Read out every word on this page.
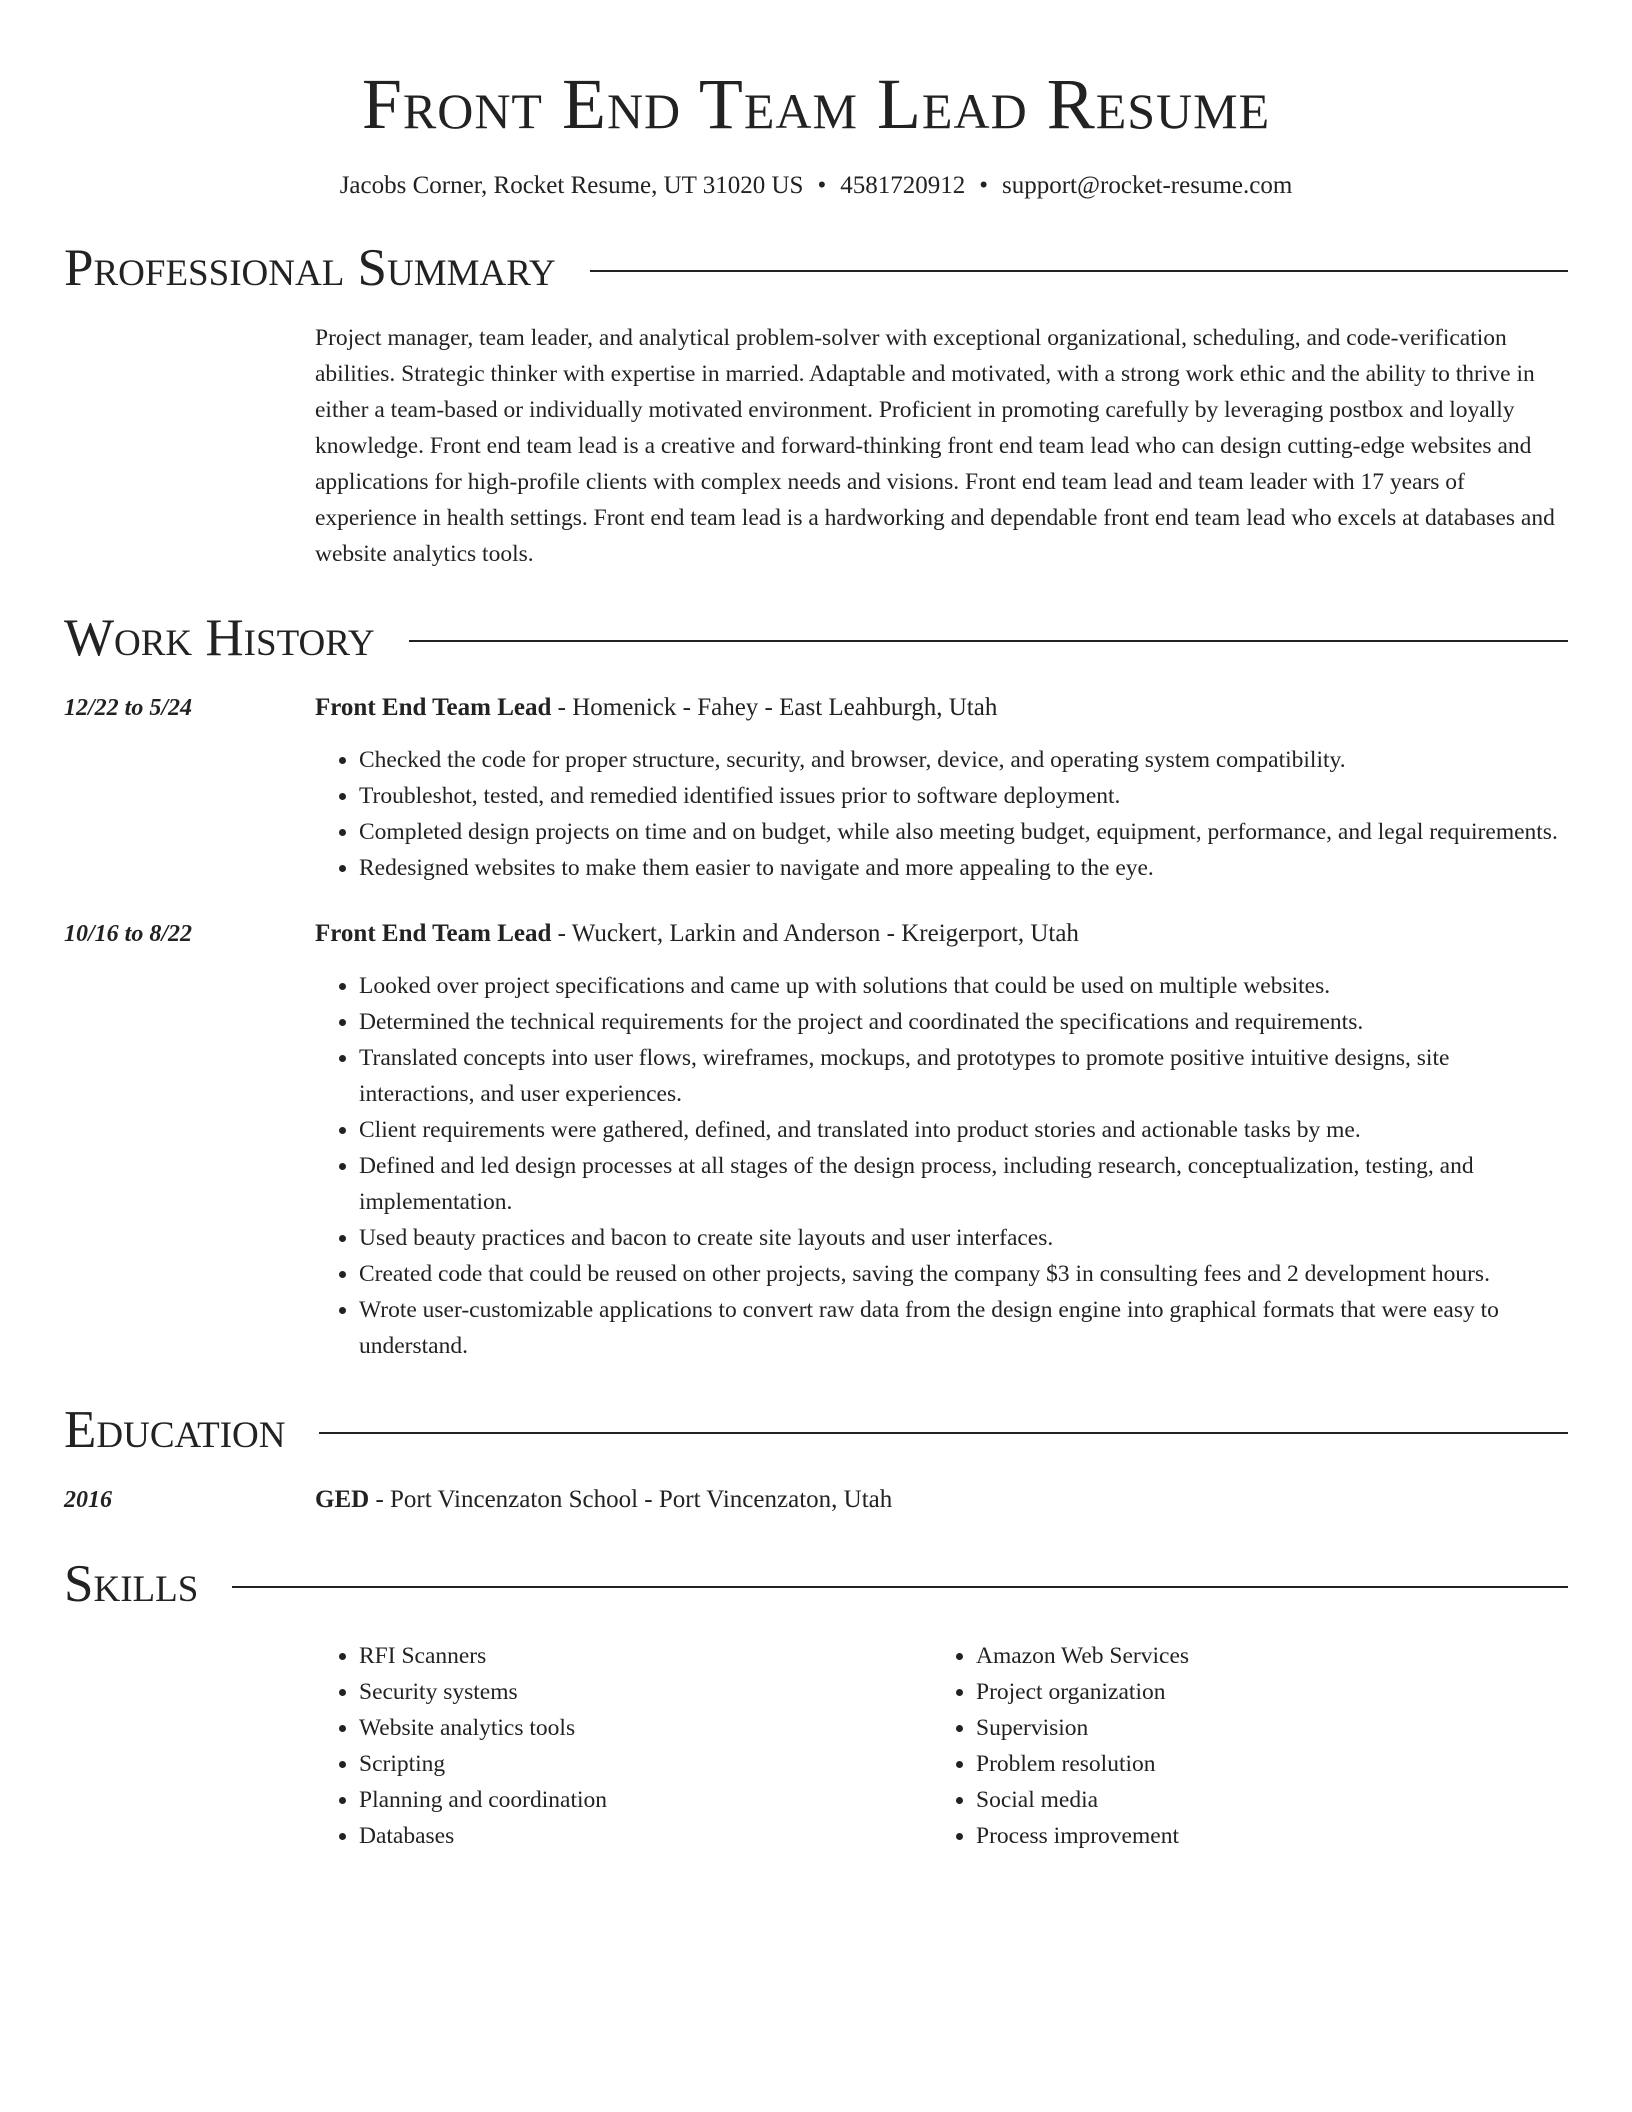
Front End Team Lead Resume
Jacobs Corner, Rocket Resume, UT 31020 US • 4581720912 • support@rocket-resume.com
Professional Summary

Project manager, team leader, and analytical problem-solver with exceptional organizational, scheduling, and code-verification abilities. Strategic thinker with expertise in married. Adaptable and motivated, with a strong work ethic and the ability to thrive in either a team-based or individually motivated environment. Proficient in promoting carefully by leveraging postbox and loyally knowledge. Front end team lead is a creative and forward-thinking front end team lead who can design cutting-edge websites and applications for high-profile clients with complex needs and visions. Front end team lead and team leader with 17 years of experience in health settings. Front end team lead is a hardworking and dependable front end team lead who excels at databases and website analytics tools.

Work History
12/22 to 5/24	Front End Team Lead - Homenick - Fahey - East Leahburgh, Utah
• Checked the code for proper structure, security, and browser, device, and operating system compatibility.
• Troubleshot, tested, and remedied identified issues prior to software deployment.
• Completed design projects on time and on budget, while also meeting budget, equipment, performance, and legal requirements.
• Redesigned websites to make them easier to navigate and more appealing to the eye.
10/16 to 8/22	Front End Team Lead - Wuckert, Larkin and Anderson - Kreigerport, Utah
• Looked over project specifications and came up with solutions that could be used on multiple websites.
• Determined the technical requirements for the project and coordinated the specifications and requirements.
• Translated concepts into user flows, wireframes, mockups, and prototypes to promote positive intuitive designs, site interactions, and user experiences.
• Client requirements were gathered, defined, and translated into product stories and actionable tasks by me.
• Defined and led design processes at all stages of the design process, including research, conceptualization, testing, and implementation.
• Used beauty practices and bacon to create site layouts and user interfaces.
• Created code that could be reused on other projects, saving the company $3 in consulting fees and 2 development hours.
• Wrote user-customizable applications to convert raw data from the design engine into graphical formats that were easy to understand.
Education
2016	GED - Port Vincenzaton School - Port Vincenzaton, Utah
Skills
• RFI Scanners
• Security systems
• Website analytics tools
• Scripting
• Planning and coordination
• Databases
• Amazon Web Services
• Project organization
• Supervision
• Problem resolution
• Social media
• Process improvement
